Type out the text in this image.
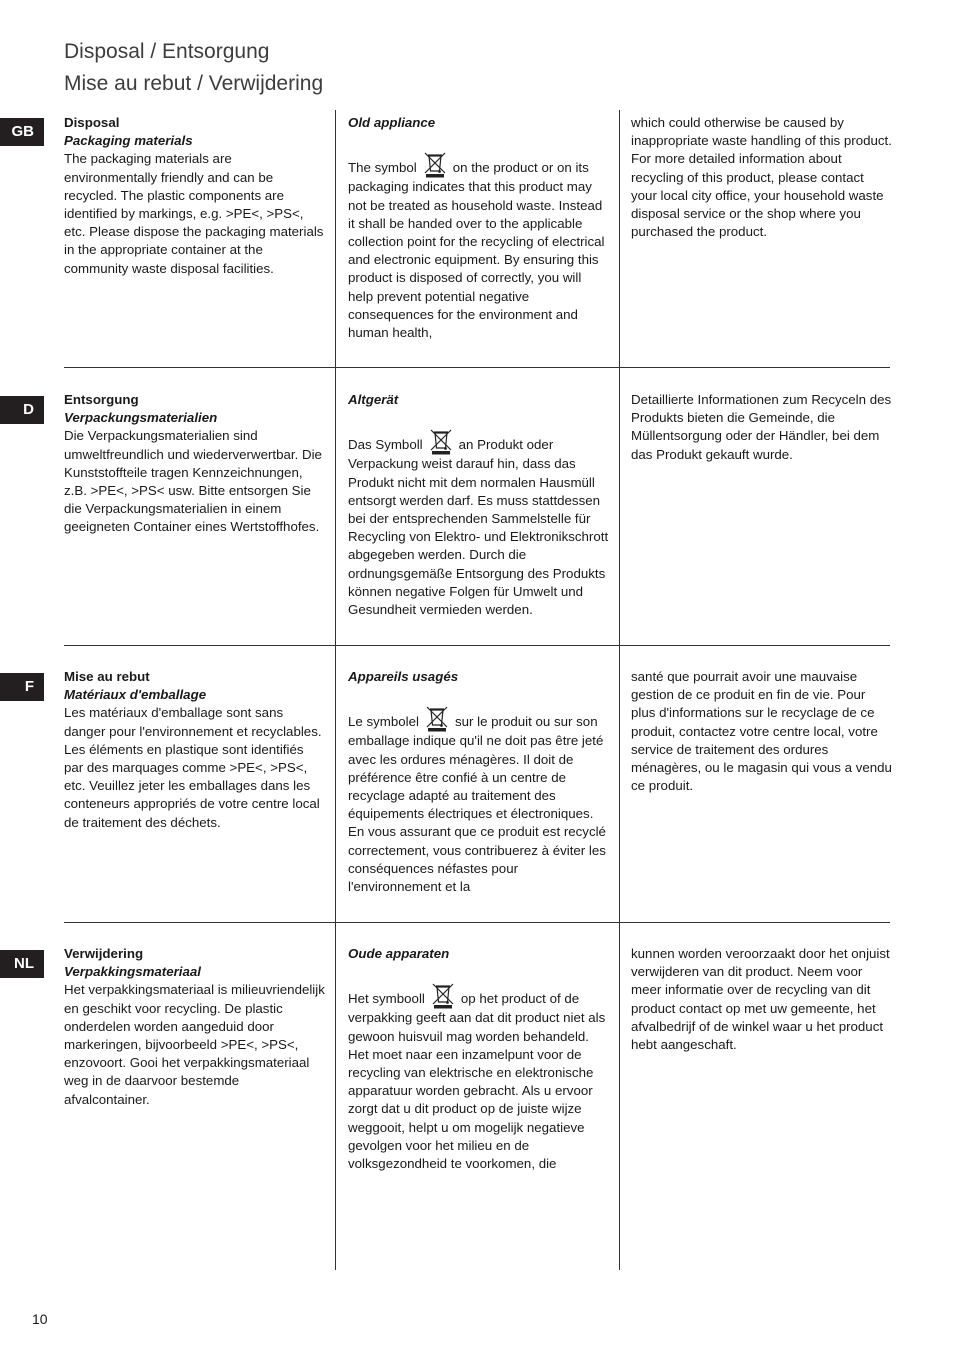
Disposal / Entsorgung
Mise au rebut / Verwijdering
GB
Disposal
Packaging materials
The packaging materials are environmentally friendly and can be recycled. The plastic components are identified by markings, e.g. >PE<, >PS<, etc. Please dispose the packaging materials in the appropriate container at the community waste disposal facilities.
Old appliance
The symbol	on the product or on its packaging indicates that this product may not be treated as household waste. Instead it shall be handed over to the applicable collection point for the recycling of electrical and electronic equipment. By ensuring this product is disposed of correctly, you will help prevent potential negative consequences for the environment and human health,
which could otherwise be caused by inappropriate waste handling of this product. For more detailed information about recycling of this product, please contact your local city office, your household waste disposal service or the shop where you purchased the product.
D
Entsorgung
Verpackungsmaterialien
Die Verpackungsmaterialien sind umweltfreundlich und wiederverwertbar. Die Kunststoffteile tragen Kennzeichnungen, z.B. >PE<, >PS< usw. Bitte entsorgen Sie die Verpackungsmaterialien in einem geeigneten Container eines Wertstoffhofes.
Altgerät
Das Symboll	an Produkt oder Verpackung weist darauf hin, dass das Produkt nicht mit dem normalen Hausmüll entsorgt werden darf. Es muss stattdessen bei der entsprechenden Sammelstelle für Recycling von Elektro- und Elektronikschrott abgegeben werden. Durch die ordnungsgemäße Entsorgung des Produkts können negative Folgen für Umwelt und Gesundheit vermieden werden.
Detaillierte Informationen zum Recyceln des Produkts bieten die Gemeinde, die Müllentsorgung oder der Händler, bei dem das Produkt gekauft wurde.
F
Mise au rebut
Matériaux d'emballage
Les matériaux d'emballage sont sans danger pour l'environnement et recyclables. Les éléments en plastique sont identifiés par des marquages comme >PE<, >PS<, etc. Veuillez jeter les emballages dans les conteneurs appropriés de votre centre local de traitement des déchets.
Appareils usagés
Le symbolel	sur le produit ou sur son emballage indique qu'il ne doit pas être jeté avec les ordures ménagères. Il doit de préférence être confié à un centre de recyclage adapté au traitement des équipements électriques et électroniques. En vous assurant que ce produit est recyclé correctement, vous contribuerez à éviter les conséquences néfastes pour l'environnement et la
santé que pourrait avoir une mauvaise gestion de ce produit en fin de vie. Pour plus d'informations sur le recyclage de ce produit, contactez votre centre local, votre service de traitement des ordures ménagères, ou le magasin qui vous a vendu ce produit.
NL
Verwijdering
Verpakkingsmateriaal
Het verpakkingsmateriaal is milieuvriendelijk en geschikt voor recycling. De plastic onderdelen worden aangeduid door markeringen, bijvoorbeeld >PE<, >PS<, enzovoort. Gooi het verpakkingsmateriaal weg in de daarvoor bestemde afvalcontainer.
Oude apparaten
Het symbooll	op het product of de verpakking geeft aan dat dit product niet als gewoon huisvuil mag worden behandeld. Het moet naar een inzamelpunt voor de recycling van elektrische en elektronische apparatuur worden gebracht. Als u ervoor zorgt dat u dit product op de juiste wijze weggooit, helpt u om mogelijk negatieve gevolgen voor het milieu en de volksgezondheid te voorkomen, die
kunnen worden veroorzaakt door het onjuist verwijderen van dit product. Neem voor meer informatie over de recycling van dit product contact op met uw gemeente, het afvalbedrijf of de winkel waar u het product hebt aangeschaft.
10
